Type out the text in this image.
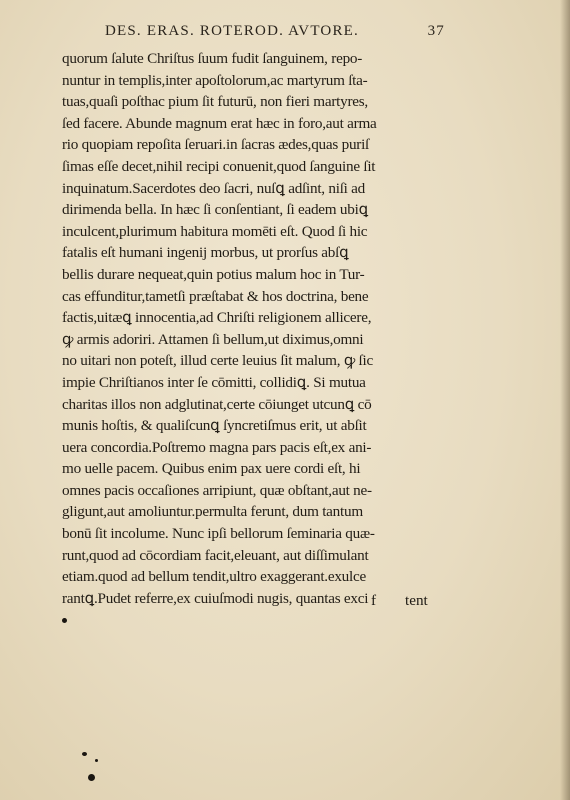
DES. ERAS. ROTEROD. AVTORE.	37
quorum ſalute Chriſtus ſuum fudit ſanguinem, repo-
nuntur in templis,inter apoſtolorum,ac martyrum ſta-
tuas,quaſi poſthac pium ſit futurū, non fieri martyres,
ſed facere. Abunde magnum erat hæc in foro,aut arma
rio quopiam repoſita ſeruari.in ſacras ædes,quas puriſ
ſimas eſſe decet,nihil recipi conuenit,quod ſanguine ſit
inquinatum.Sacerdotes deo ſacri, nuſꝗ adſint, niſi ad
dirimenda bella. In hæc ſi conſentiant, ſi eadem ubiꝗ
inculcent,plurimum habitura momēti eſt. Quod ſi hic
fatalis eſt humani ingenij morbus, ut prorſus abſꝗ
bellis durare nequeat,quin potius malum hoc in Tur-
cas effunditur,tametſi præſtabat & hos doctrina, bene
factis,uitæꝗ innocentia,ad Chriſti religionem allicere,
ꝙ armis adoriri. Attamen ſi bellum,ut diximus,omni
no uitari non poteſt, illud certe leuius ſit malum, ꝙ ſic
impie Chriſtianos inter ſe cōmitti, collidiꝗ. Si mutua
charitas illos non adglutinat,certe cōiunget utcunꝗ cō
munis hoſtis, & qualiſcunꝗ ſyncretiſmus erit, ut abſit
uera concordia.Poſtremo magna pars pacis eſt,ex ani-
mo uelle pacem. Quibus enim pax uere cordi eſt, hi
omnes pacis occaſiones arripiunt, quæ obſtant,aut ne-
gligunt,aut amoliuntur.permulta ferunt, dum tantum
bonū ſit incolume. Nunc ipſi bellorum ſeminaria quæ-
runt,quod ad cōcordiam facit,eleuant, aut diſſimulant
etiam.quod ad bellum tendit,ultro exaggerant.exulce
rantꝗ.Pudet referre,ex cuiuſmodi nugis, quantas exci f tent
